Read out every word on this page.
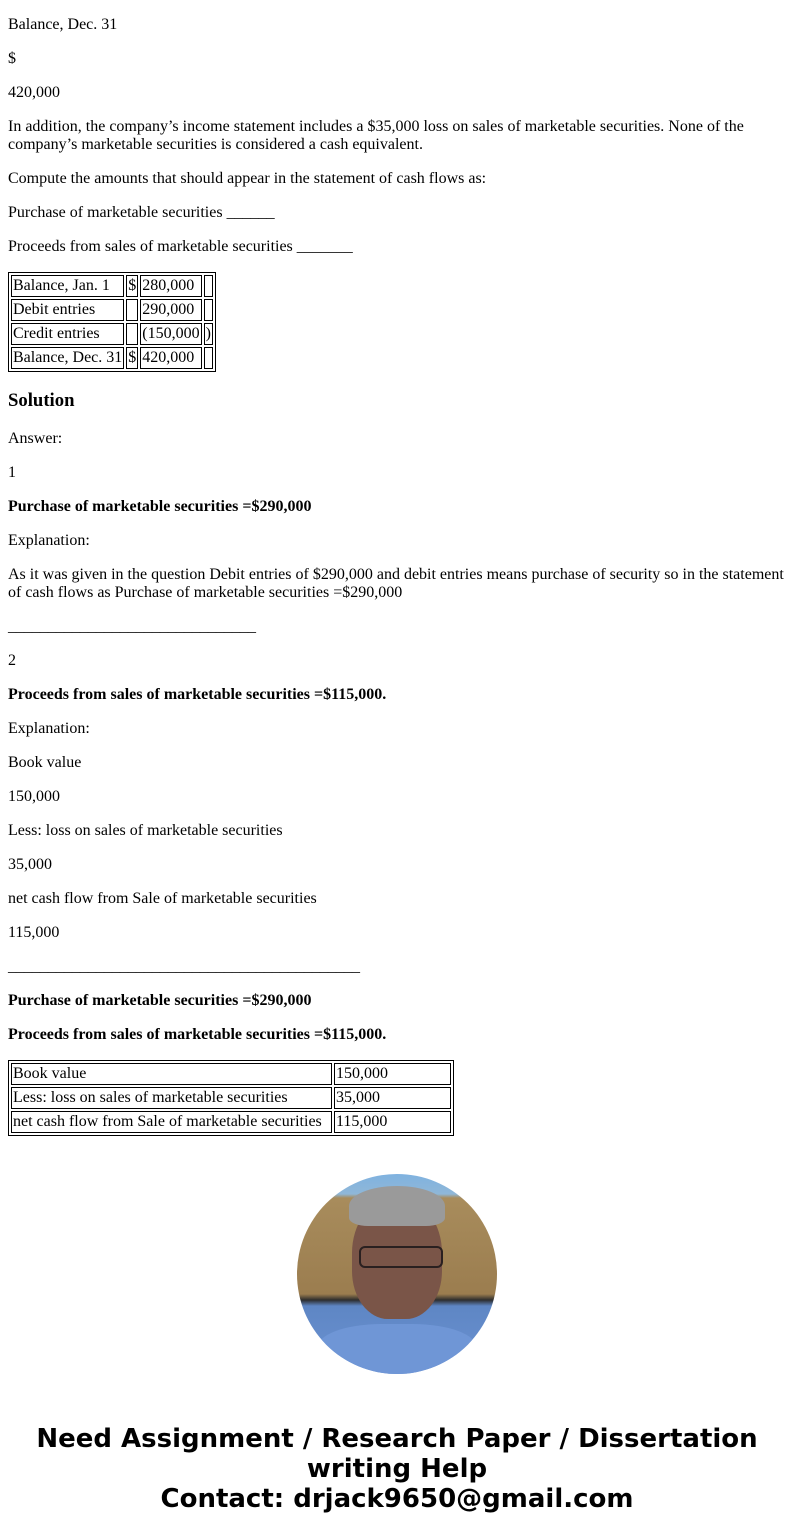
Balance, Dec. 31

$

420,000

In addition, the company’s income statement includes a $35,000 loss on sales of marketable securities. None of the company’s marketable securities is considered a cash equivalent.

Compute the amounts that should appear in the statement of cash flows as:

Purchase of marketable securities ______

Proceeds from sales of marketable securities _______

Balance, Jan. 1	$	280,000	
Debit entries		290,000	
Credit entries		(150,000	)
Balance, Dec. 31	$	420,000	
Solution

Answer:

1

Purchase of marketable securities =$290,000

Explanation:

As it was given in the question Debit entries of $290,000 and debit entries means purchase of security so in the statement of cash flows as Purchase of marketable securities =$290,000

_______________________________

2

Proceeds from sales of marketable securities =$115,000.

Explanation:

Book value

150,000

Less: loss on sales of marketable securities

35,000

net cash flow from Sale of marketable securities

115,000

____________________________________________

Purchase of marketable securities =$290,000

Proceeds from sales of marketable securities =$115,000.

Book value	150,000
Less: loss on sales of marketable securities	35,000
net cash flow from Sale of marketable securities	115,000
Need Assignment / Research Paper / Dissertation writing Help
Contact: drjack9650@gmail.com
